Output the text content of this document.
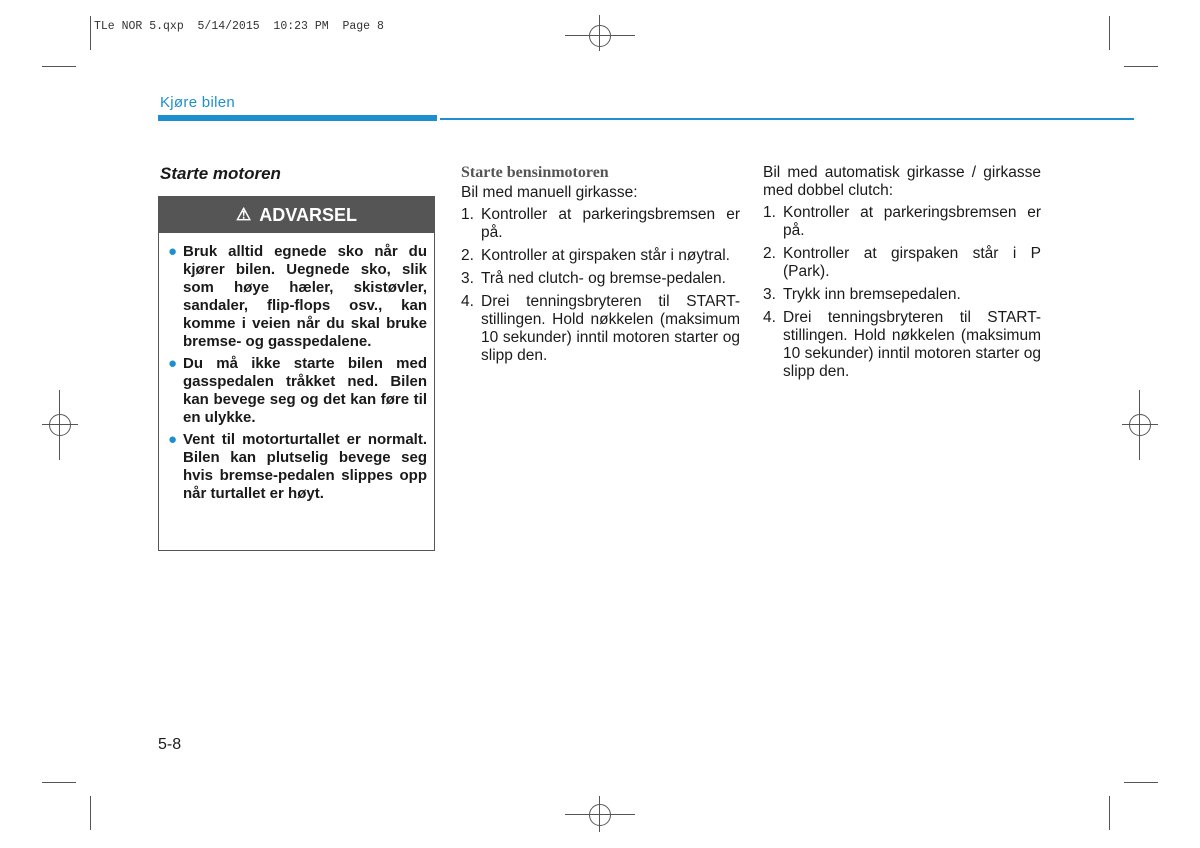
TLe NOR 5.qxp  5/14/2015  10:23 PM  Page 8
Kjøre bilen
Starte motoren
⚠ ADVARSEL
● Bruk alltid egnede sko når du kjører bilen. Uegnede sko, slik som høye hæler, skistøvler, sandaler, flip-flops osv., kan komme i veien når du skal bruke bremse- og gasspedalene.
● Du må ikke starte bilen med gasspedalen tråkket ned. Bilen kan bevege seg og det kan føre til en ulykke.
● Vent til motorturtallet er normalt. Bilen kan plutselig bevege seg hvis bremse-pedalen slippes opp når turtallet er høyt.
Starte bensinmotoren
Bil med manuell girkasse:
1. Kontroller at parkeringsbremsen er på.
2. Kontroller at girspaken står i nøytral.
3. Trå ned clutch- og bremse-pedalen.
4. Drei tenningsbryteren til START-stillingen. Hold nøkkelen (maksimum 10 sekunder) inntil motoren starter og slipp den.
Bil med automatisk girkasse / girkasse med dobbel clutch:
1. Kontroller at parkeringsbremsen er på.
2. Kontroller at girspaken står i P (Park).
3. Trykk inn bremsepedalen.
4. Drei tenningsbryteren til START-stillingen. Hold nøkkelen (maksimum 10 sekunder) inntil motoren starter og slipp den.
5-8
